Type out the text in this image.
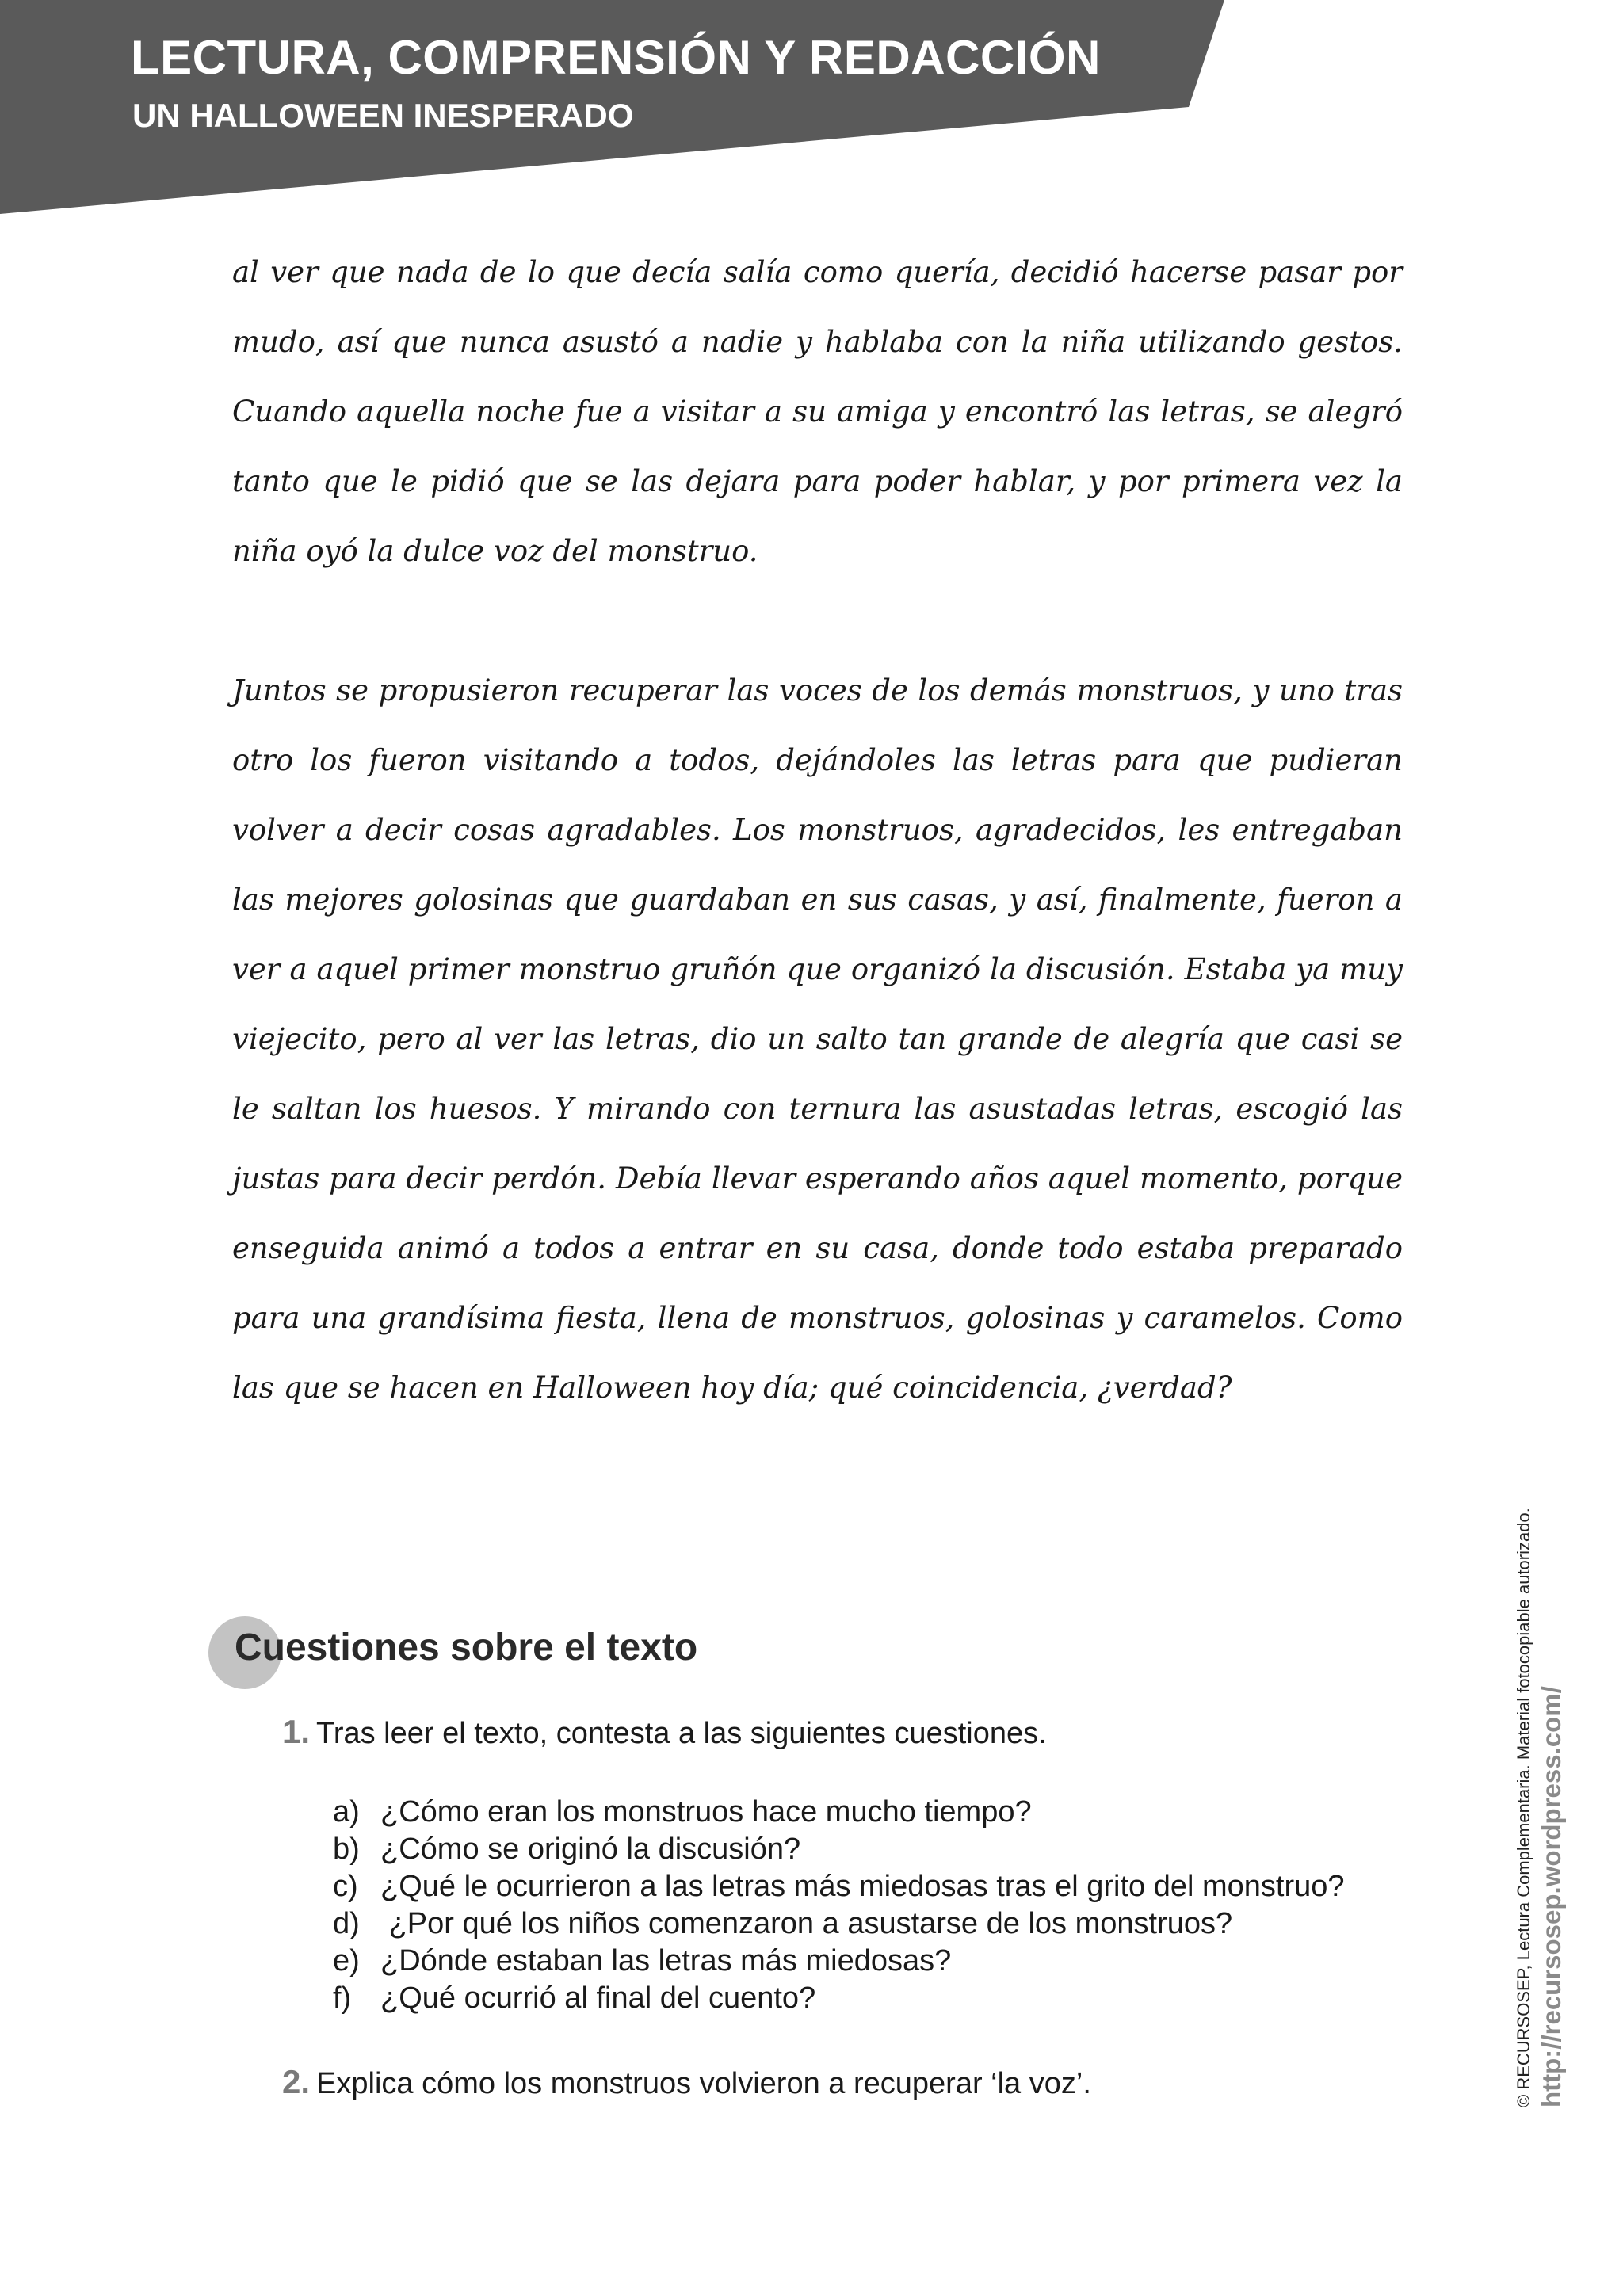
LECTURA, COMPRENSIÓN Y REDACCIÓN
UN HALLOWEEN INESPERADO

al ver que nada de lo que decía salía como quería, decidió hacerse pasar por mudo, así que nunca asustó a nadie y hablaba con la niña utilizando gestos. Cuando aquella noche fue a visitar a su amiga y encontró las letras, se alegró tanto que le pidió que se las dejara para poder hablar, y por primera vez la niña oyó la dulce voz del monstruo.

Juntos se propusieron recuperar las voces de los demás monstruos, y uno tras otro los fueron visitando a todos, dejándoles las letras para que pudieran volver a decir cosas agradables. Los monstruos, agradecidos, les entregaban las mejores golosinas que guardaban en sus casas, y así, finalmente, fueron a ver a aquel primer monstruo gruñón que organizó la discusión. Estaba ya muy viejecito, pero al ver las letras, dio un salto tan grande de alegría que casi se le saltan los huesos. Y mirando con ternura las asustadas letras, escogió las justas para decir perdón. Debía llevar esperando años aquel momento, porque enseguida animó a todos a entrar en su casa, donde todo estaba preparado para una grandísima fiesta, llena de monstruos, golosinas y caramelos. Como las que se hacen en Halloween hoy día; qué coincidencia, ¿verdad?

Cuestiones sobre el texto
1. Tras leer el texto, contesta a las siguientes cuestiones.
a) ¿Cómo eran los monstruos hace mucho tiempo?
b) ¿Cómo se originó la discusión?
c) ¿Qué le ocurrieron a las letras más miedosas tras el grito del monstruo?
d) ¿Por qué los niños comenzaron a asustarse de los monstruos?
e) ¿Dónde estaban las letras más miedosas?
f) ¿Qué ocurrió al final del cuento?
2. Explica cómo los monstruos volvieron a recuperar ‘la voz’.	© RECURSOSEP, Lectura Complementaria. Material fotocopiable autorizado. http://recursosep.wordpress.com/
